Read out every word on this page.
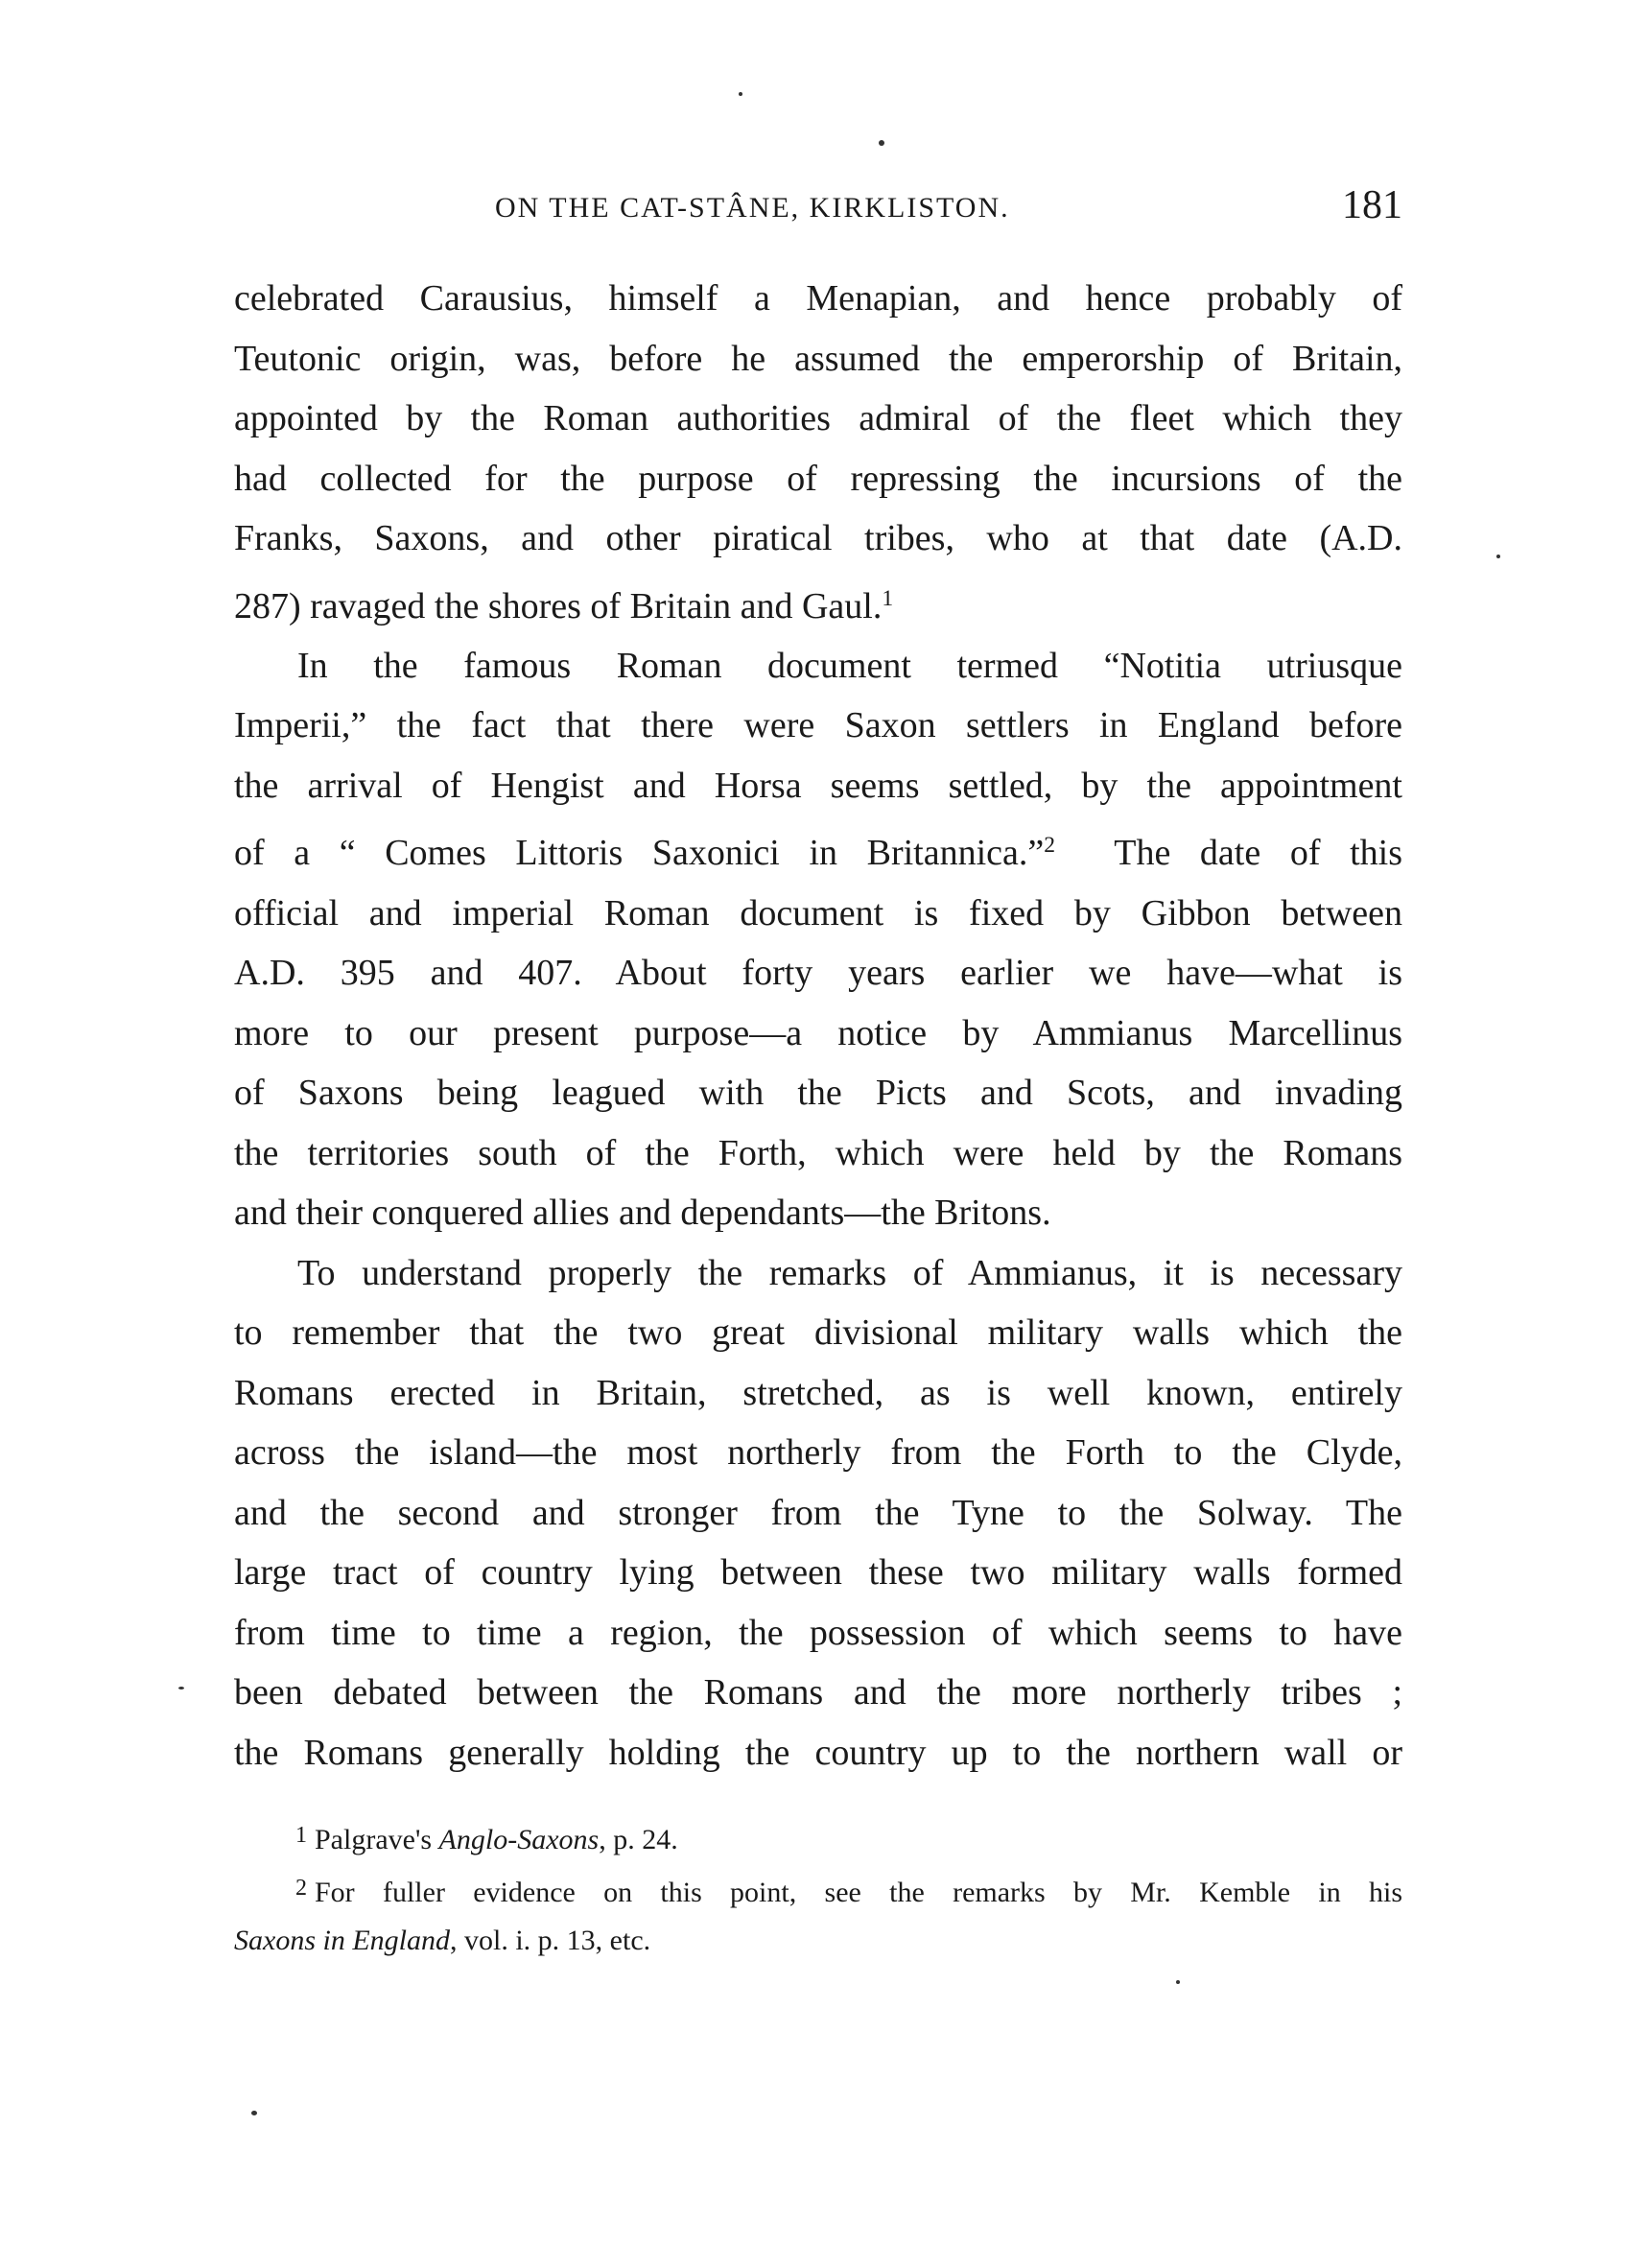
ON THE CAT-STÂNE, KIRKLISTON.	181

celebrated Carausius, himself a Menapian, and hence probably of
Teutonic origin, was, before he assumed the emperorship of Britain,
appointed by the Roman authorities admiral of the fleet which they
had collected for the purpose of repressing the incursions of the
Franks, Saxons, and other piratical tribes, who at that date (A.D.
287) ravaged the shores of Britain and Gaul.$^1$

In the famous Roman document termed “Notitia utriusque
Imperii,” the fact that there were Saxon settlers in England before
the arrival of Hengist and Horsa seems settled, by the appointment
of a “ Comes Littoris Saxonici in Britannica.”$^2$ The date of this
official and imperial Roman document is fixed by Gibbon between
A.D. 395 and 407. About forty years earlier we have—what is
more to our present purpose—a notice by Ammianus Marcellinus
of Saxons being leagued with the Picts and Scots, and invading
the territories south of the Forth, which were held by the Romans
and their conquered allies and dependants—the Britons.

To understand properly the remarks of Ammianus, it is necessary
to remember that the two great divisional military walls which the
Romans erected in Britain, stretched, as is well known, entirely
across the island—the most northerly from the Forth to the Clyde,
and the second and stronger from the Tyne to the Solway. The
large tract of country lying between these two military walls formed
from time to time a region, the possession of which seems to have
been debated between the Romans and the more northerly tribes ;
the Romans generally holding the country up to the northern wall or

$^1$ Palgrave's Anglo-Saxons, p. 24.
$^2$ For fuller evidence on this point, see the remarks by Mr. Kemble in his
Saxons in England, vol. i. p. 13, etc.
